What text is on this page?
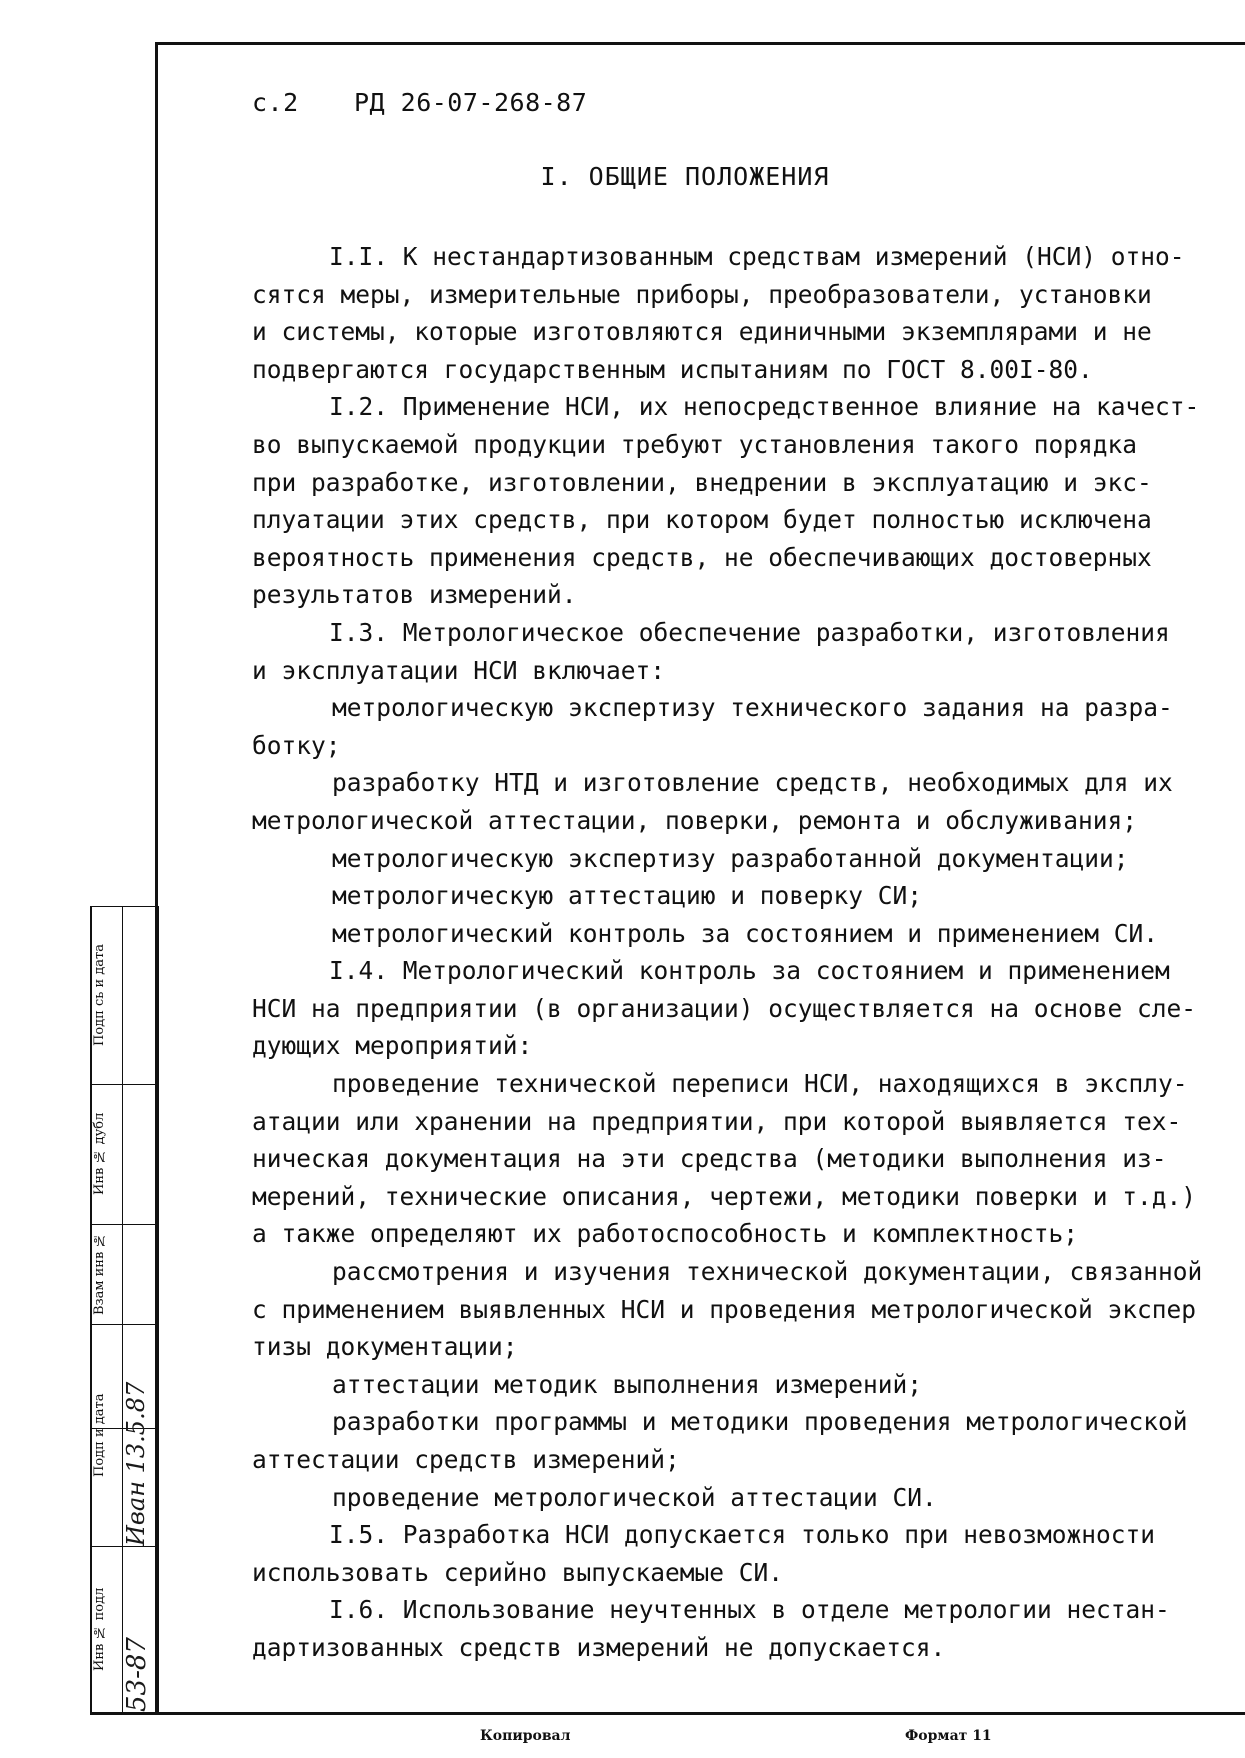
с.2 РД 26-07-268-87
I. ОБЩИЕ ПОЛОЖЕНИЯ
I.I. К нестандартизованным средствам измерений (НСИ) отно-
сятся меры, измерительные приборы, преобразователи, установки
и системы, которые изготовляются единичными экземплярами и не
подвергаются государственным испытаниям по ГОСТ 8.00I-80.
I.2. Применение НСИ, их непосредственное влияние на качест-
во выпускаемой продукции требуют установления такого порядка
при разработке, изготовлении, внедрении в эксплуатацию и экс-
плуатации этих средств, при котором будет полностью исключена
вероятность применения средств, не обеспечивающих достоверных
результатов измерений.
I.3. Метрологическое обеспечение разработки, изготовления
и эксплуатации НСИ включает:
метрологическую экспертизу технического задания на разра-
ботку;
разработку НТД и изготовление средств, необходимых для их
метрологической аттестации, поверки, ремонта и обслуживания;
метрологическую экспертизу разработанной документации;
метрологическую аттестацию и поверку СИ;
метрологический контроль за состоянием и применением СИ.
I.4. Метрологический контроль за состоянием и применением
НСИ на предприятии (в организации) осуществляется на основе сле-
дующих мероприятий:
проведение технической переписи НСИ, находящихся в эксплу-
атации или хранении на предприятии, при которой выявляется тех-
ническая документация на эти средства (методики выполнения из-
мерений, технические описания, чертежи, методики поверки и т.д.)
а также определяют их работоспособность и комплектность;
рассмотрения и изучения технической документации, связанной
с применением выявленных НСИ и проведения метрологической экспер
тизы документации;
аттестации методик выполнения измерений;
разработки программы и методики проведения метрологической
аттестации средств измерений;
проведение метрологической аттестации СИ.
I.5. Разработка НСИ допускается только при невозможности
использовать серийно выпускаемые СИ.
I.6. Использование неучтенных в отделе метрологии нестан-
дартизованных средств измерений не допускается.
Подп сь и дата
Инв № дубл
Взам инв №
Подп и дата
Инв № подл
53-87
Иван 13.5.87
Копировал	Формат 11
